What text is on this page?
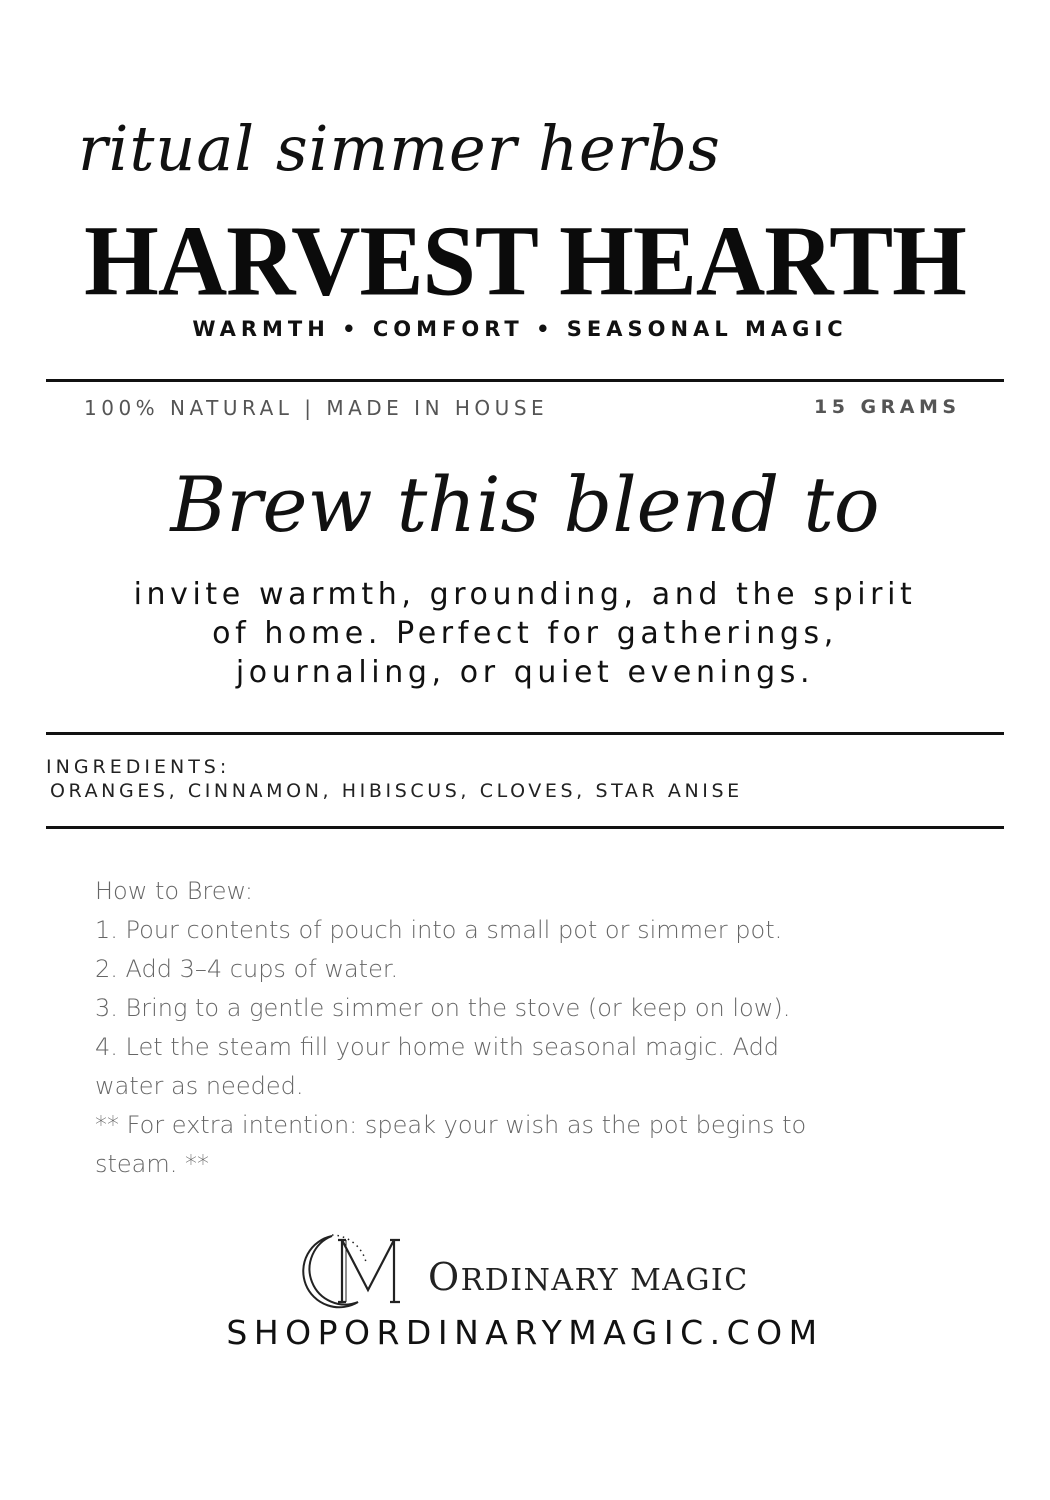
ritual simmer herbs
HARVEST HEARTH
WARMTH • COMFORT • SEASONAL MAGIC
100% NATURAL | MADE IN HOUSE	15 GRAMS
Brew this blend to
invite warmth, grounding, and the spirit
of home. Perfect for gatherings,
journaling, or quiet evenings.
INGREDIENTS:
ORANGES, CINNAMON, HIBISCUS, CLOVES, STAR ANISE
How to Brew:
1. Pour contents of pouch into a small pot or simmer pot.
2. Add 3–4 cups of water.
3. Bring to a gentle simmer on the stove (or keep on low).
4. Let the steam fill your home with seasonal magic. Add
water as needed.
** For extra intention: speak your wish as the pot begins to
steam. **
ORDINARY MAGIC
SHOPORDINARYMAGIC.COM
